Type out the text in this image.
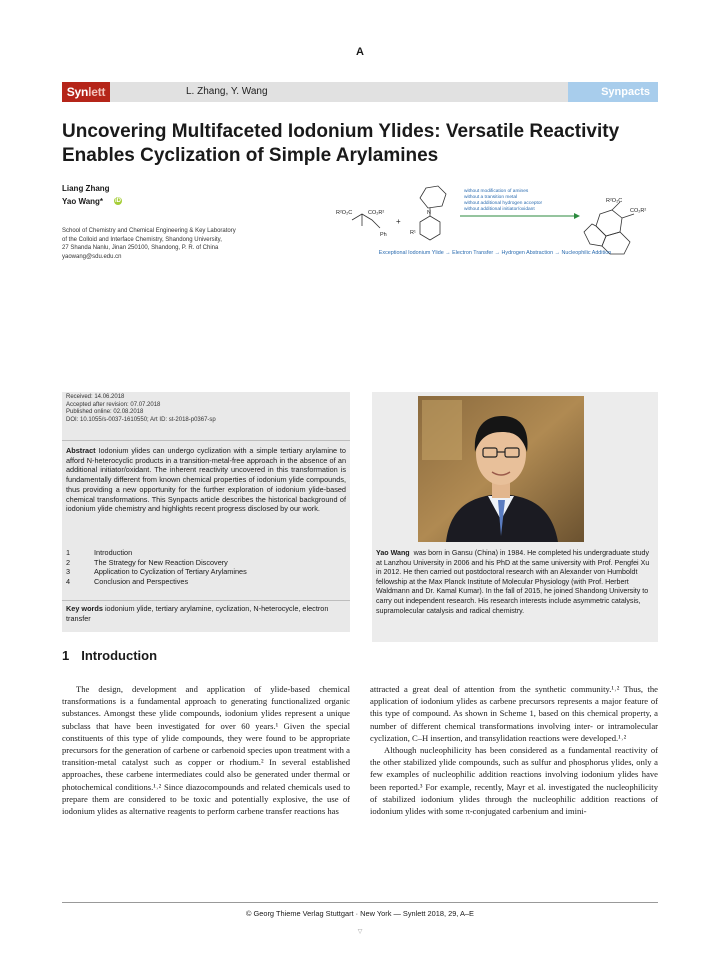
A
Synlett	L. Zhang, Y. Wang	Synpacts
Uncovering Multifaceted Iodonium Ylides: Versatile Reactivity Enables Cyclization of Simple Arylamines
Liang Zhang
Yao Wang* iD
School of Chemistry and Chemical Engineering & Key Laboratory
of the Colloid and Interface Chemistry, Shandong University,
27 Shanda Nanlu, Jinan 250100, Shandong, P. R. of China
yaowang@sdu.edu.cn
R²O₂C	CO₂R²
Ph
+
N
R¹
without modification of amines
without a transition metal
without additional hydrogen acceptor
without additional initiator/oxidant
R²O₂C
CO₂R²
Exceptional Iodonium Ylide → Electron Transfer → Hydrogen Abstraction → Nucleophilic Addition
Received: 14.06.2018
Accepted after revision: 07.07.2018
Published online: 02.08.2018
DOI: 10.1055/s-0037-1610550; Art ID: st-2018-p0367-sp
Abstract Iodonium ylides can undergo cyclization with a simple tertiary arylamine to afford N-heterocyclic products in a transition-metal-free approach in the absence of an additional initiator/oxidant. The inherent reactivity uncovered in this transformation is fundamentally different from known chemical properties of iodonium ylide compounds, thus providing a new opportunity for the further exploration of iodonium ylide-based chemical transformations. This Synpacts article describes the historical background of iodonium ylide chemistry and highlights recent progress disclosed by our work.
1	Introduction
2	The Strategy for New Reaction Discovery
3	Application to Cyclization of Tertiary Arylamines
4	Conclusion and Perspectives
Key words iodonium ylide, tertiary arylamine, cyclization, N-heterocycle, electron transfer
Yao Wang was born in Gansu (China) in 1984. He completed his undergraduate study at Lanzhou University in 2006 and his PhD at the same university with Prof. Pengfei Xu in 2012. He then carried out postdoctoral research with an Alexander von Humboldt fellowship at the Max Planck Institute of Molecular Physiology (with Prof. Herbert Waldmann and Dr. Kamal Kumar). In the fall of 2015, he joined Shandong University to carry out independent research. His research interests include asymmetric catalysis, supramolecular catalysis and radical chemistry.
1 Introduction

The design, development and application of ylide-based chemical transformations is a fundamental approach to generating functionalized organic substances. Amongst these ylide compounds, iodonium ylides represent a unique subclass that have been investigated for over 60 years.¹ Given the special constituents of this type of ylide compounds, they were found to be appropriate precursors for the generation of carbene or carbenoid species upon treatment with a transition-metal catalyst such as copper or rhodium.² In several established approaches, these carbene intermediates could also be generated under thermal or photochemical conditions.¹˒² Since diazocompounds and related chemicals used to prepare them are considered to be toxic and potentially explosive, the use of iodonium ylides as alternative reagents to perform carbene transfer reactions has

attracted a great deal of attention from the synthetic community.¹˒² Thus, the application of iodonium ylides as carbene precursors represents a major feature of this type of compound. As shown in Scheme 1, based on this chemical property, a number of different chemical transformations involving inter- or intramolecular cyclization, C–H insertion, and transylidation reactions were developed.¹˒²

Although nucleophilicity has been considered as a fundamental reactivity of the other stabilized ylide compounds, such as sulfur and phosphorus ylides, only a few examples of nucleophilic addition reactions involving iodonium ylides have been reported.³ For example, recently, Mayr et al. investigated the nucleophilicity of stabilized iodonium ylides through the nucleophilic addition reactions of iodonium ylides with some π-conjugated carbenium and imini-

© Georg Thieme Verlag Stuttgart · New York — Synlett 2018, 29, A–E
▽
